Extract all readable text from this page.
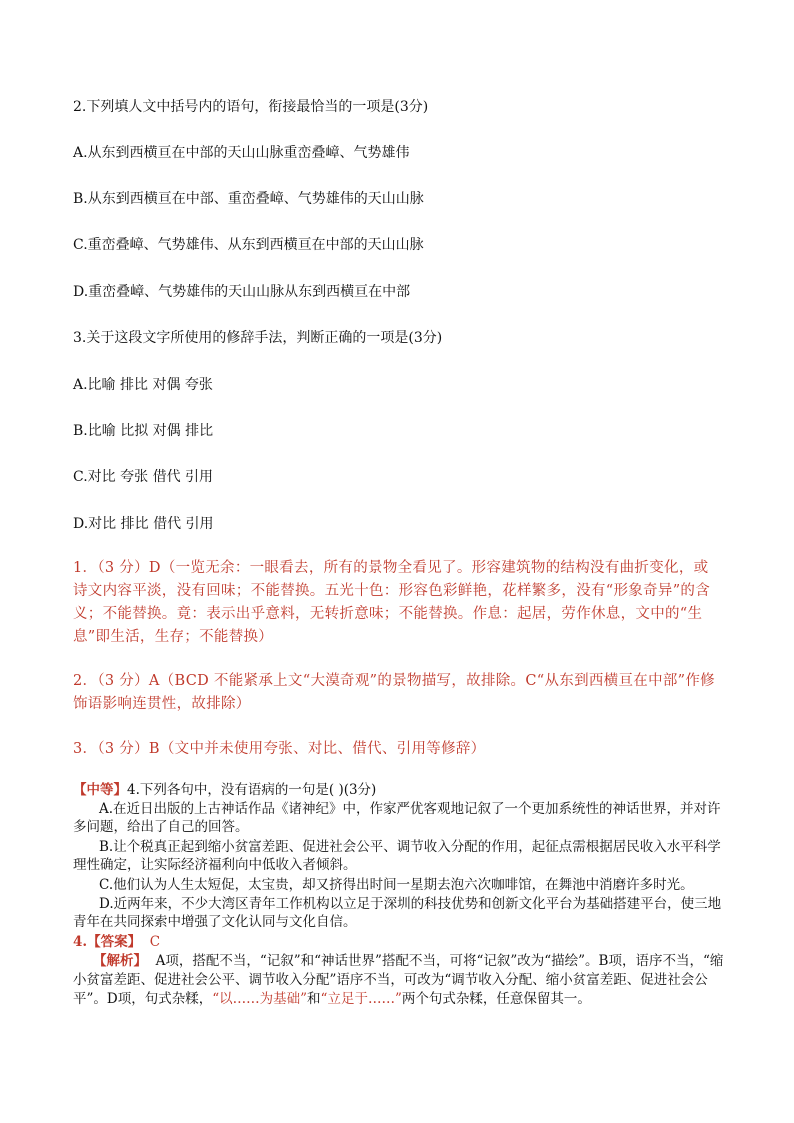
2.下列填人文中括号内的语句，衔接最恰当的一项是(3分)
A.从东到西横亘在中部的天山山脉重峦叠嶂、气势雄伟
B.从东到西横亘在中部、重峦叠嶂、气势雄伟的天山山脉
C.重峦叠嶂、气势雄伟、从东到西横亘在中部的天山山脉
D.重峦叠嶂、气势雄伟的天山山脉从东到西横亘在中部
3.关于这段文字所使用的修辞手法，判断正确的一项是(3分)
A.比喻 排比 对偶 夸张
B.比喻 比拟 对偶 排比
C.对比 夸张 借代 引用
D.对比 排比 借代 引用
1．（3 分）D（一览无余：一眼看去，所有的景物全看见了。形容建筑物的结构没有曲折变化，或诗文内容平淡，没有回味；不能替换。五光十色：形容色彩鲜艳，花样繁多，没有“形象奇异”的含义；不能替换。竟：表示出乎意料，无转折意味；不能替换。作息：起居，劳作休息，文中的“生息”即生活，生存；不能替换）
2．（3 分）A（BCD 不能紧承上文“大漠奇观”的景物描写，故排除。C“从东到西横亘在中部”作修饰语影响连贯性，故排除）
3．（3 分）B（文中并未使用夸张、对比、借代、引用等修辞）
【中等】4.下列各句中，没有语病的一句是( )(3分)
A.在近日出版的上古神话作品《诸神纪》中，作家严优客观地记叙了一个更加系统性的神话世界，并对许多问题，给出了自己的回答。
B.让个税真正起到缩小贫富差距、促进社会公平、调节收入分配的作用，起征点需根据居民收入水平科学理性确定，让实际经济福利向中低收入者倾斜。
C.他们认为人生太短促，太宝贵，却又挤得出时间一星期去泡六次咖啡馆，在舞池中消磨许多时光。
D.近两年来，不少大湾区青年工作机构以立足于深圳的科技优势和创新文化平台为基础搭建平台，使三地青年在共同探索中增强了文化认同与文化自信。
4.【答案】 C
【解析】 A项，搭配不当，“记叙”和“神话世界”搭配不当，可将“记叙”改为“描绘”。B项，语序不当，“缩小贫富差距、促进社会公平、调节收入分配”语序不当，可改为“调节收入分配、缩小贫富差距、促进社会公平”。D项，句式杂糅，“以……为基础”和“立足于……”两个句式杂糅，任意保留其一。
